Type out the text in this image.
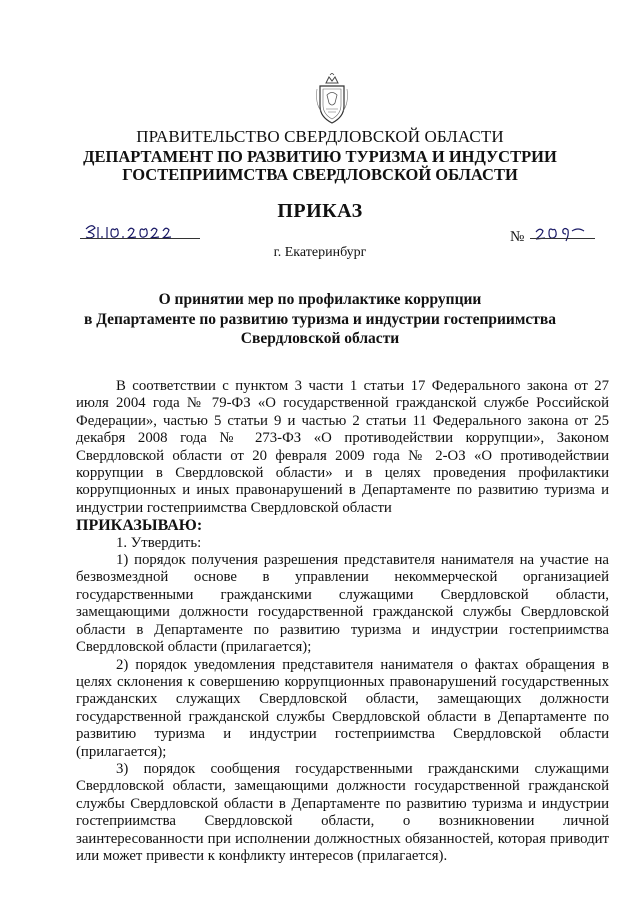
ПРАВИТЕЛЬСТВО СВЕРДЛОВСКОЙ ОБЛАСТИ
ДЕПАРТАМЕНТ ПО РАЗВИТИЮ ТУРИЗМА И ИНДУСТРИИ
ГОСТЕПРИИМСТВА СВЕРДЛОВСКОЙ ОБЛАСТИ
ПРИКАЗ
№
г. Екатеринбург
О принятии мер по профилактике коррупции
в Департаменте по развитию туризма и индустрии гостеприимства
Свердловской области

В соответствии с пунктом 3 части 1 статьи 17 Федерального закона от 27 июля 2004 года № 79-ФЗ «О государственной гражданской службе Российской Федерации», частью 5 статьи 9 и частью 2 статьи 11 Федерального закона от 25 декабря 2008 года № 273-ФЗ «О противодействии коррупции», Законом Свердловской области от 20 февраля 2009 года № 2-ОЗ «О противодействии коррупции в Свердловской области» и в целях проведения профилактики коррупционных и иных правонарушений в Департаменте по развитию туризма и индустрии гостеприимства Свердловской области

ПРИКАЗЫВАЮ:

1. Утвердить:

1) порядок получения разрешения представителя нанимателя на участие на безвозмездной основе в управлении некоммерческой организацией государственными гражданскими служащими Свердловской области, замещающими должности государственной гражданской службы Свердловской области в Департаменте по развитию туризма и индустрии гостеприимства Свердловской области (прилагается);

2) порядок уведомления представителя нанимателя о фактах обращения в целях склонения к совершению коррупционных правонарушений государственных гражданских служащих Свердловской области, замещающих должности государственной гражданской службы Свердловской области в Департаменте по развитию туризма и индустрии гостеприимства Свердловской области (прилагается);

3) порядок сообщения государственными гражданскими служащими Свердловской области, замещающими должности государственной гражданской службы Свердловской области в Департаменте по развитию туризма и индустрии гостеприимства Свердловской области, о возникновении личной заинтересованности при исполнении должностных обязанностей, которая приводит или может привести к конфликту интересов (прилагается).
